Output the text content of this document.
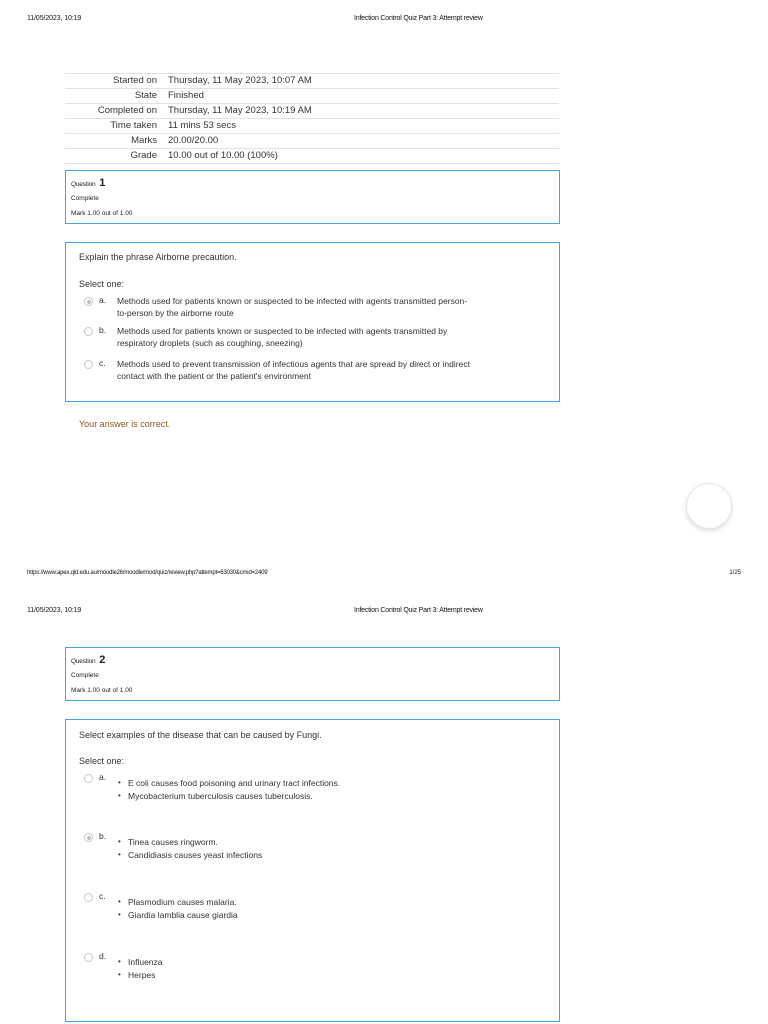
11/05/2023, 10:19	Infection Control Quiz Part 3: Attempt review
Started on	Thursday, 11 May 2023, 10:07 AM
State	Finished
Completed on	Thursday, 11 May 2023, 10:19 AM
Time taken	11 mins 53 secs
Marks	20.00/20.00
Grade	10.00 out of 10.00 (100%)
Question 1
Complete
Mark 1.00 out of 1.00
Explain the phrase Airborne precaution.
Select one:
a. Methods used for patients known or suspected to be infected with agents transmitted person-
to-person by the airborne route
b. Methods used for patients known or suspected to be infected with agents transmitted by
respiratory droplets (such as coughing, sneezing)
c. Methods used to prevent transmission of infectious agents that are spread by direct or indirect
contact with the patient or the patient's environment
Your answer is correct.
↑
https://www.apex.qld.edu.au/moodle26/moodle/mod/quiz/review.php?attempt=63030&cmid=2409	1/25
11/05/2023, 10:19	Infection Control Quiz Part 3: Attempt review
Question 2
Complete
Mark 1.00 out of 1.00
Select examples of the disease that can be caused by Fungi.
Select one:
a.
• E coli causes food poisoning and urinary tract infections.
• Mycobacterium tuberculosis causes tuberculosis.
b.
• Tinea causes ringworm.
• Candidiasis causes yeast infections
c.
• Plasmodium causes malaria.
• Giardia lamblia cause giardia
d.
• Influenza
• Herpes
